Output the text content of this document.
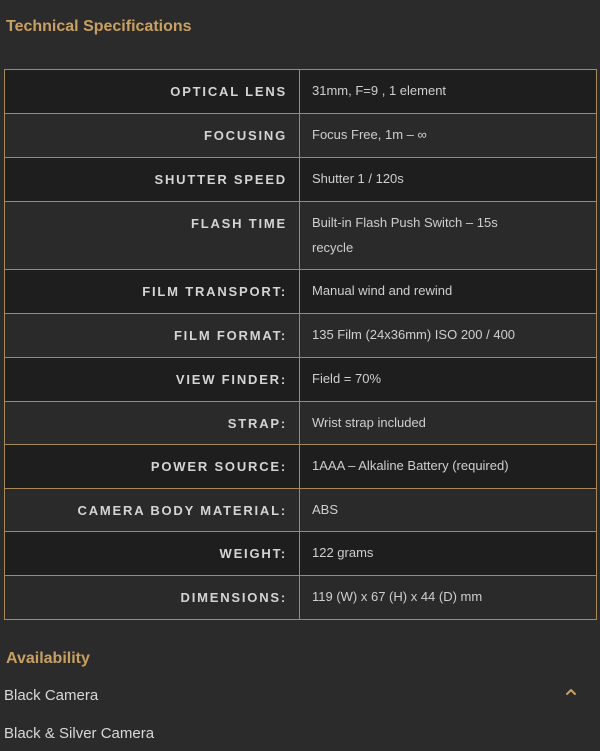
Technical Specifications
OPTICAL LENS	31mm, F=9 , 1 element

FOCUSING	Focus Free, 1m – ∞

SHUTTER SPEED	Shutter 1 / 120s

FLASH TIME	Built-in Flash Push Switch – 15s recycle

FILM TRANSPORT:	Manual wind and rewind

FILM FORMAT:	135 Film (24x36mm) ISO 200 / 400

VIEW FINDER:	Field = 70%

STRAP:	Wrist strap included

POWER SOURCE:	1AAA – Alkaline Battery (required)

CAMERA BODY MATERIAL:	ABS

WEIGHT:	122 grams

DIMENSIONS:	119 (W) x 67 (H) x 44 (D) mm
Availability
Black Camera
Black & Silver Camera
